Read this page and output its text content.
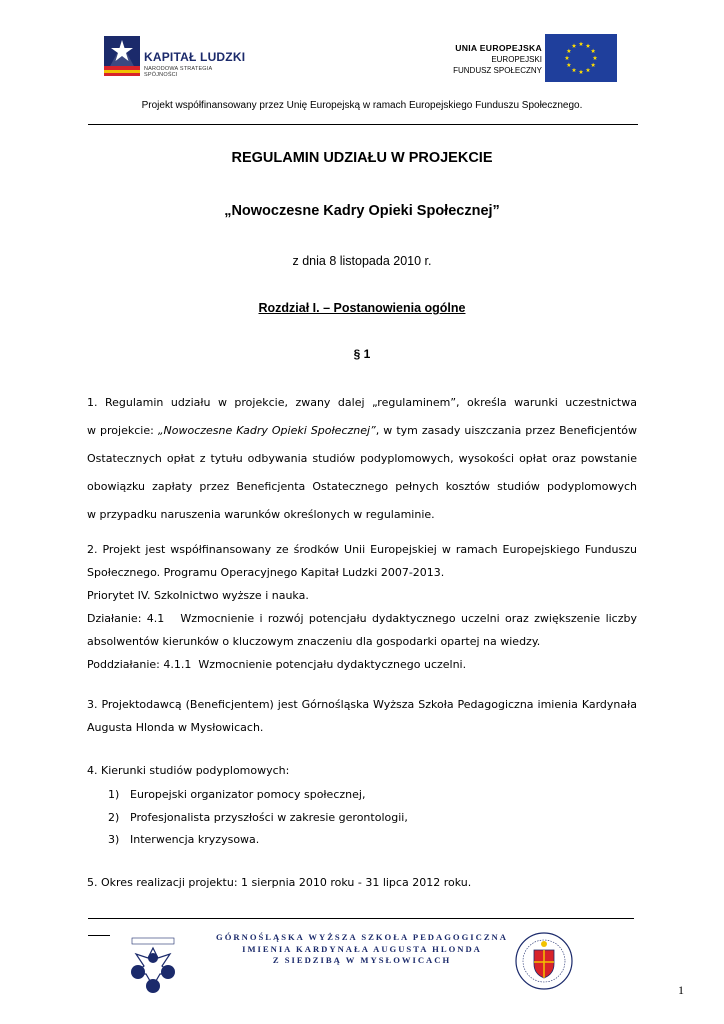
KAPITAŁ LUDZKI
NARODOWA STRATEGIA SPÓJNOŚCI
UNIA EUROPEJSKA
EUROPEJSKI
FUNDUSZ SPOŁECZNY
Projekt współfinansowany przez Unię Europejską w ramach Europejskiego Funduszu Społecznego.
REGULAMIN UDZIAŁU W PROJEKCIE
„Nowoczesne Kadry Opieki Społecznej”
z dnia 8 listopada 2010 r.
Rozdział I. – Postanowienia ogólne
§ 1
1. Regulamin udziału w projekcie, zwany dalej „regulaminem”, określa warunki uczestnictwa
w projekcie: „Nowoczesne Kadry Opieki Społecznej”, w tym zasady uiszczania przez Beneficjentów
Ostatecznych opłat z tytułu odbywania studiów podyplomowych, wysokości opłat oraz powstanie
obowiązku zapłaty przez Beneficjenta Ostatecznego pełnych kosztów studiów podyplomowych
w przypadku naruszenia warunków określonych w regulaminie.
2. Projekt jest współfinansowany ze środków Unii Europejskiej w ramach Europejskiego Funduszu
Społecznego. Programu Operacyjnego Kapitał Ludzki 2007-2013.
Priorytet IV. Szkolnictwo wyższe i nauka.
Działanie: 4.1   Wzmocnienie i rozwój potencjału dydaktycznego uczelni oraz zwiększenie liczby
absolwentów kierunków o kluczowym znaczeniu dla gospodarki opartej na wiedzy.
Poddziałanie: 4.1.1  Wzmocnienie potencjału dydaktycznego uczelni.
3. Projektodawcą (Beneficjentem) jest Górnośląska Wyższa Szkoła Pedagogiczna imienia Kardynała
Augusta Hlonda w Mysłowicach.
4. Kierunki studiów podyplomowych:
1) Europejski organizator pomocy społecznej,
2) Profesjonalista przyszłości w zakresie gerontologii,
3) Interwencja kryzysowa.
5. Okres realizacji projektu: 1 sierpnia 2010 roku - 31 lipca 2012 roku.
GÓRNOŚLĄSKA WYŻSZA SZKOŁA PEDAGOGICZNA
IMIENIA KARDYNAŁA AUGUSTA HLONDA
Z SIEDZIBĄ W MYSŁOWICACH
1
